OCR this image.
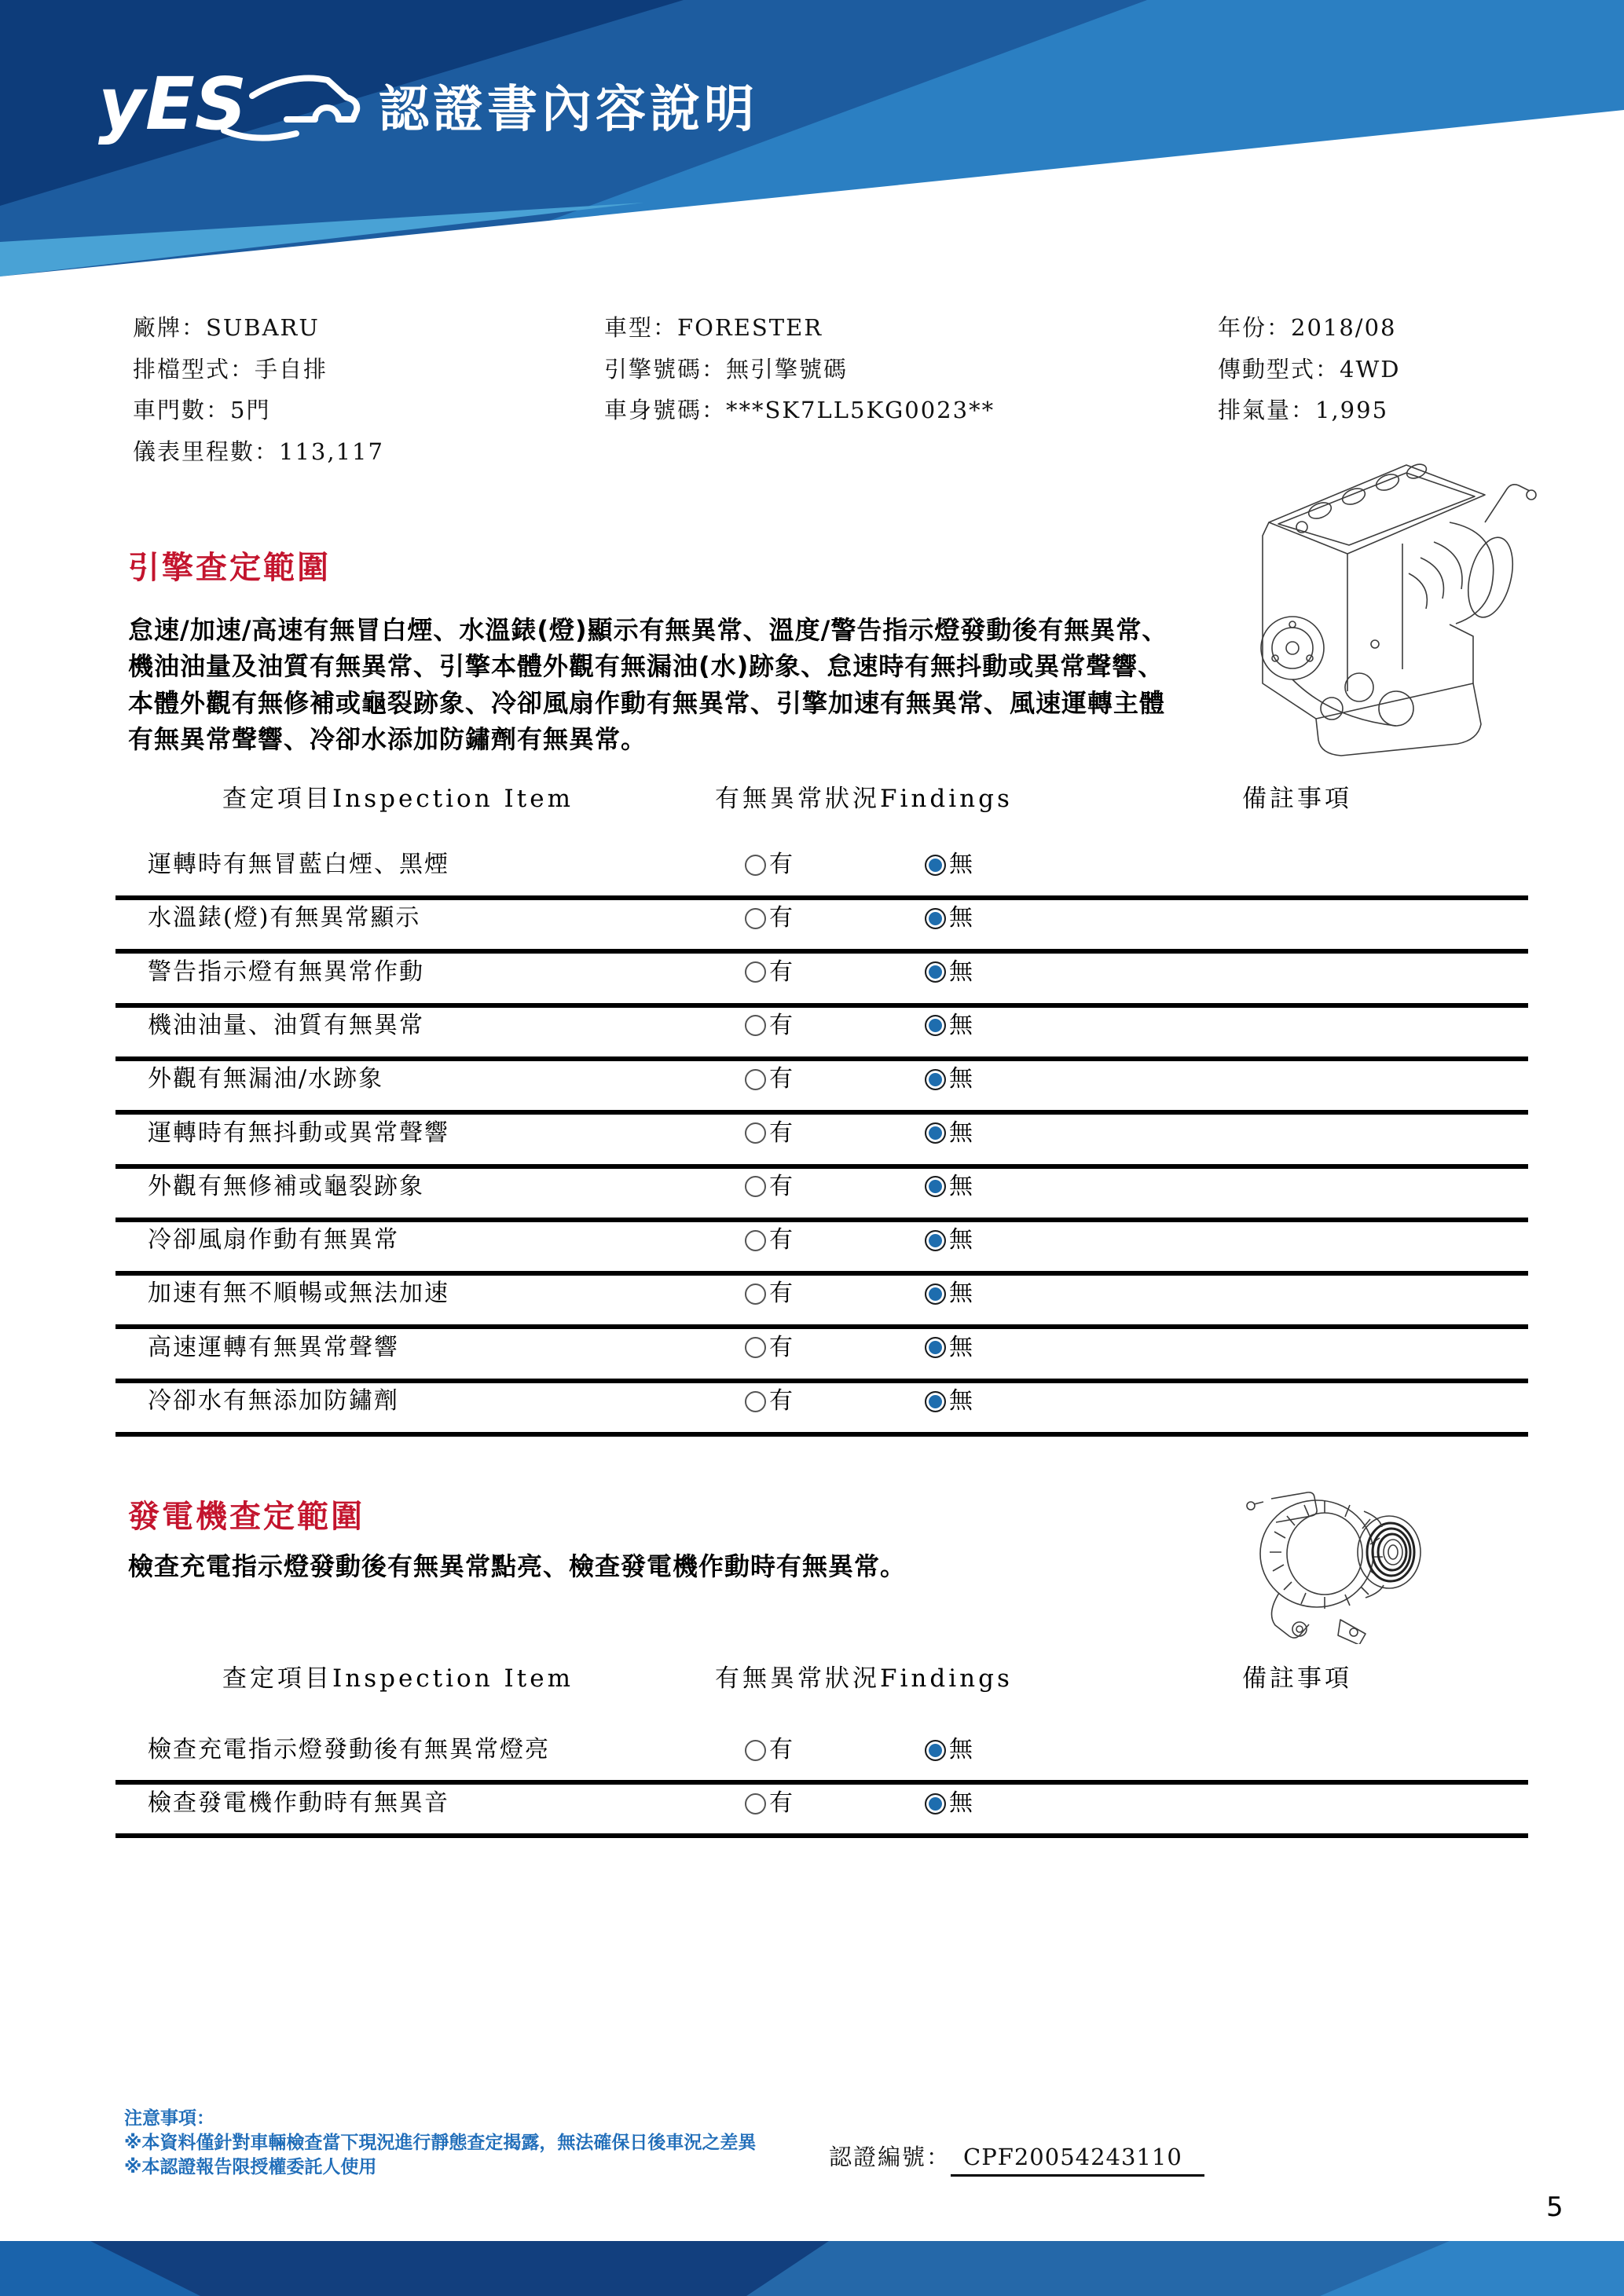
yES	認證書內容說明
引擎查定範圍
查定項目Inspection Item	有無異常狀況Findings	備註事項
發電機查定範圍
查定項目Inspection Item	有無異常狀況Findings	備註事項
注意事項：
認證編號： CPF20054243110
5
廠牌：SUBARU
排檔型式：手自排
車門數：5門
儀表里程數：113,117
車型：FORESTER
引擎號碼：無引擎號碼
車身號碼：***SK7LL5KG0023**
年份：2018/08
傳動型式：4WD
排氣量：1,995
怠速/加速/高速有無冒白煙、水溫錶(燈)顯示有無異常、溫度/警告指示燈發動後有無異常、
機油油量及油質有無異常、引擎本體外觀有無漏油(水)跡象、怠速時有無抖動或異常聲響、
本體外觀有無修補或龜裂跡象、冷卻風扇作動有無異常、引擎加速有無異常、風速運轉主體
有無異常聲響、冷卻水添加防鏽劑有無異常。
檢查充電指示燈發動後有無異常點亮、檢查發電機作動時有無異常。
※本資料僅針對車輛檢查當下現況進行靜態查定揭露，無法確保日後車況之差異
※本認證報告限授權委託人使用
運轉時有無冒藍白煙、黑煙	有	無
水溫錶(燈)有無異常顯示	有	無
警告指示燈有無異常作動	有	無
機油油量、油質有無異常	有	無
外觀有無漏油/水跡象	有	無
運轉時有無抖動或異常聲響	有	無
外觀有無修補或龜裂跡象	有	無
冷卻風扇作動有無異常	有	無
加速有無不順暢或無法加速	有	無
高速運轉有無異常聲響	有	無
冷卻水有無添加防鏽劑	有	無
檢查充電指示燈發動後有無異常燈亮	有	無
檢查發電機作動時有無異音	有	無
